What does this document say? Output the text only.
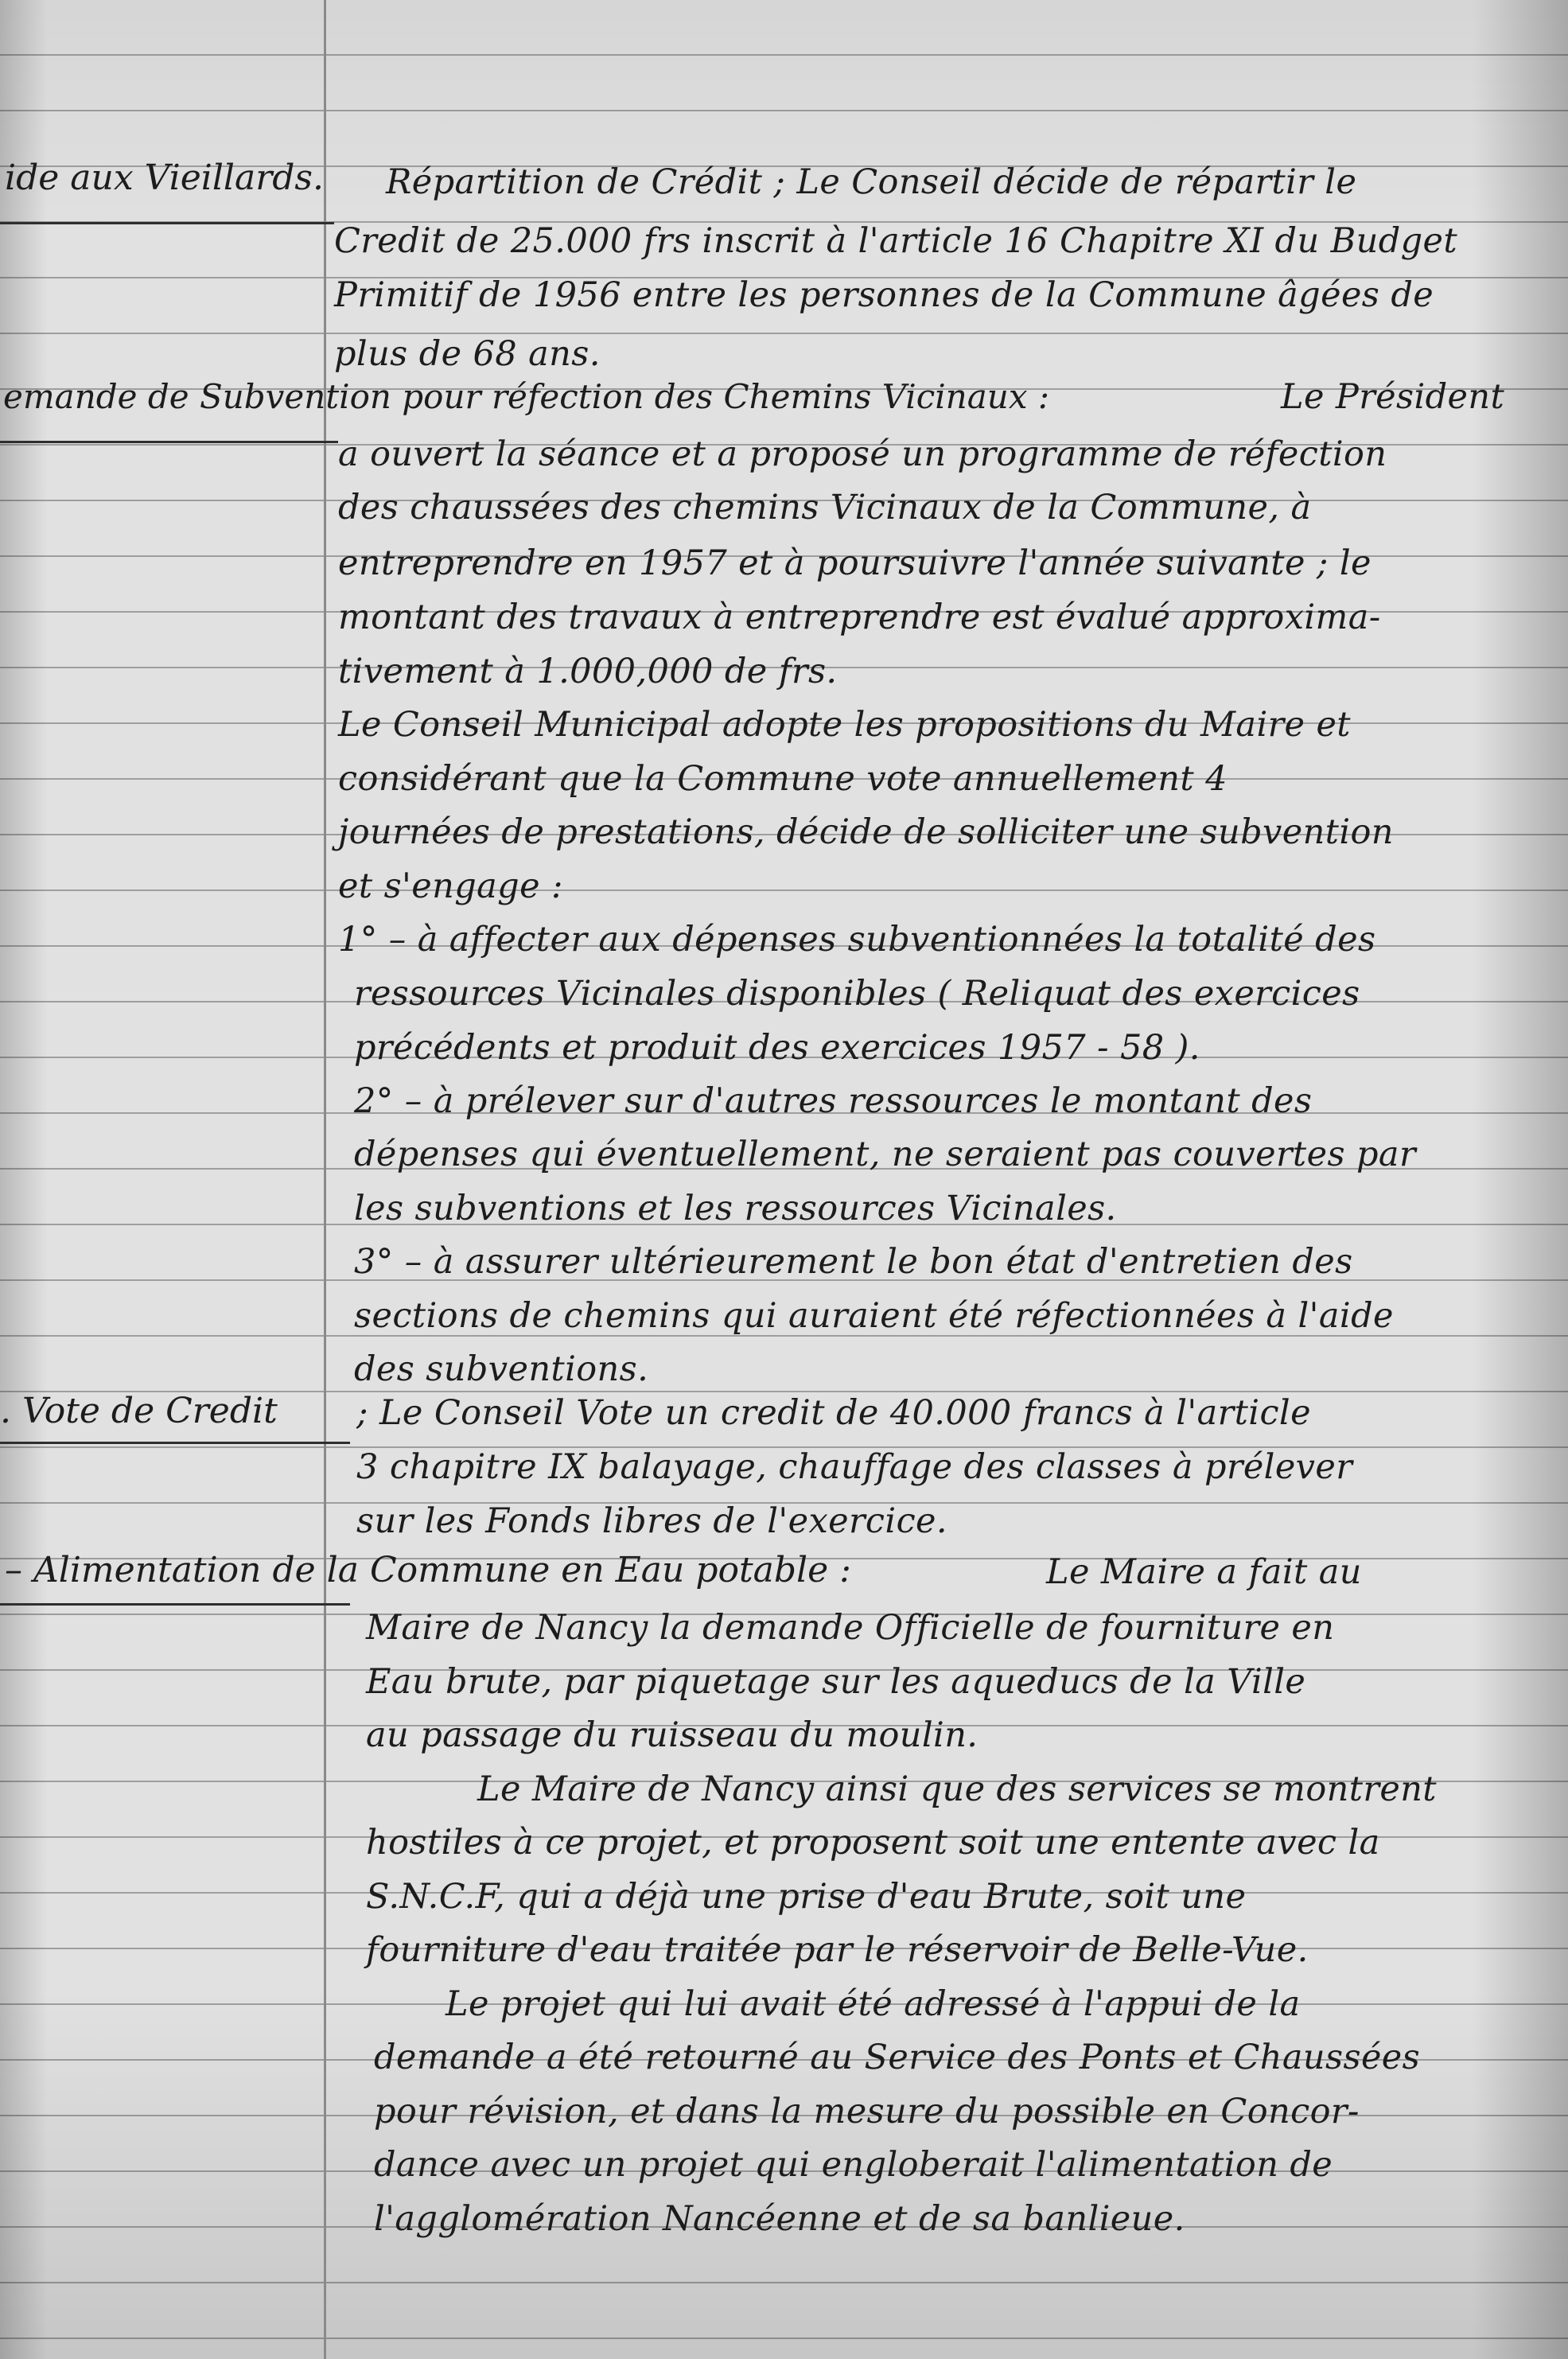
ide aux Vieillards. Répartition de Crédit ; Le Conseil décide de répartir le
Credit de 25.000 frs inscrit à l'article 16 Chapitre XI du Budget
Primitif de 1956 entre les personnes de la Commune âgées de
plus de 68 ans.
emande de Subvention pour réfection des Chemins Vicinaux :	Le Président
a ouvert la séance et a proposé un programme de réfection
des chaussées des chemins Vicinaux de la Commune, à
entreprendre en 1957 et à poursuivre l'année suivante ; le
montant des travaux à entreprendre est évalué approxima-
tivement à 1.000,000 de frs.
Le Conseil Municipal adopte les propositions du Maire et
considérant que la Commune vote annuellement 4
journées de prestations, décide de solliciter une subvention
et s'engage :
1° – à affecter aux dépenses subventionnées la totalité des
ressources Vicinales disponibles ( Reliquat des exercices
précédents et produit des exercices 1957 - 58 ).
2° – à prélever sur d'autres ressources le montant des
dépenses qui éventuellement, ne seraient pas couvertes par
les subventions et les ressources Vicinales.
3° – à assurer ultérieurement le bon état d'entretien des
sections de chemins qui auraient été réfectionnées à l'aide
des subventions.
. Vote de Credit ; Le Conseil Vote un credit de 40.000 francs à l'article
3 chapitre IX balayage, chauffage des classes à prélever
sur les Fonds libres de l'exercice.
– Alimentation de la Commune en Eau potable :	Le Maire a fait au
Maire de Nancy la demande Officielle de fourniture en
Eau brute, par piquetage sur les aqueducs de la Ville
au passage du ruisseau du moulin.
Le Maire de Nancy ainsi que des services se montrent
hostiles à ce projet, et proposent soit une entente avec la
S.N.C.F, qui a déjà une prise d'eau Brute, soit une
fourniture d'eau traitée par le réservoir de Belle-Vue.
Le projet qui lui avait été adressé à l'appui de la
demande a été retourné au Service des Ponts et Chaussées
pour révision, et dans la mesure du possible en Concor-
dance avec un projet qui engloberait l'alimentation de
l'agglomération Nancéenne et de sa banlieue.
